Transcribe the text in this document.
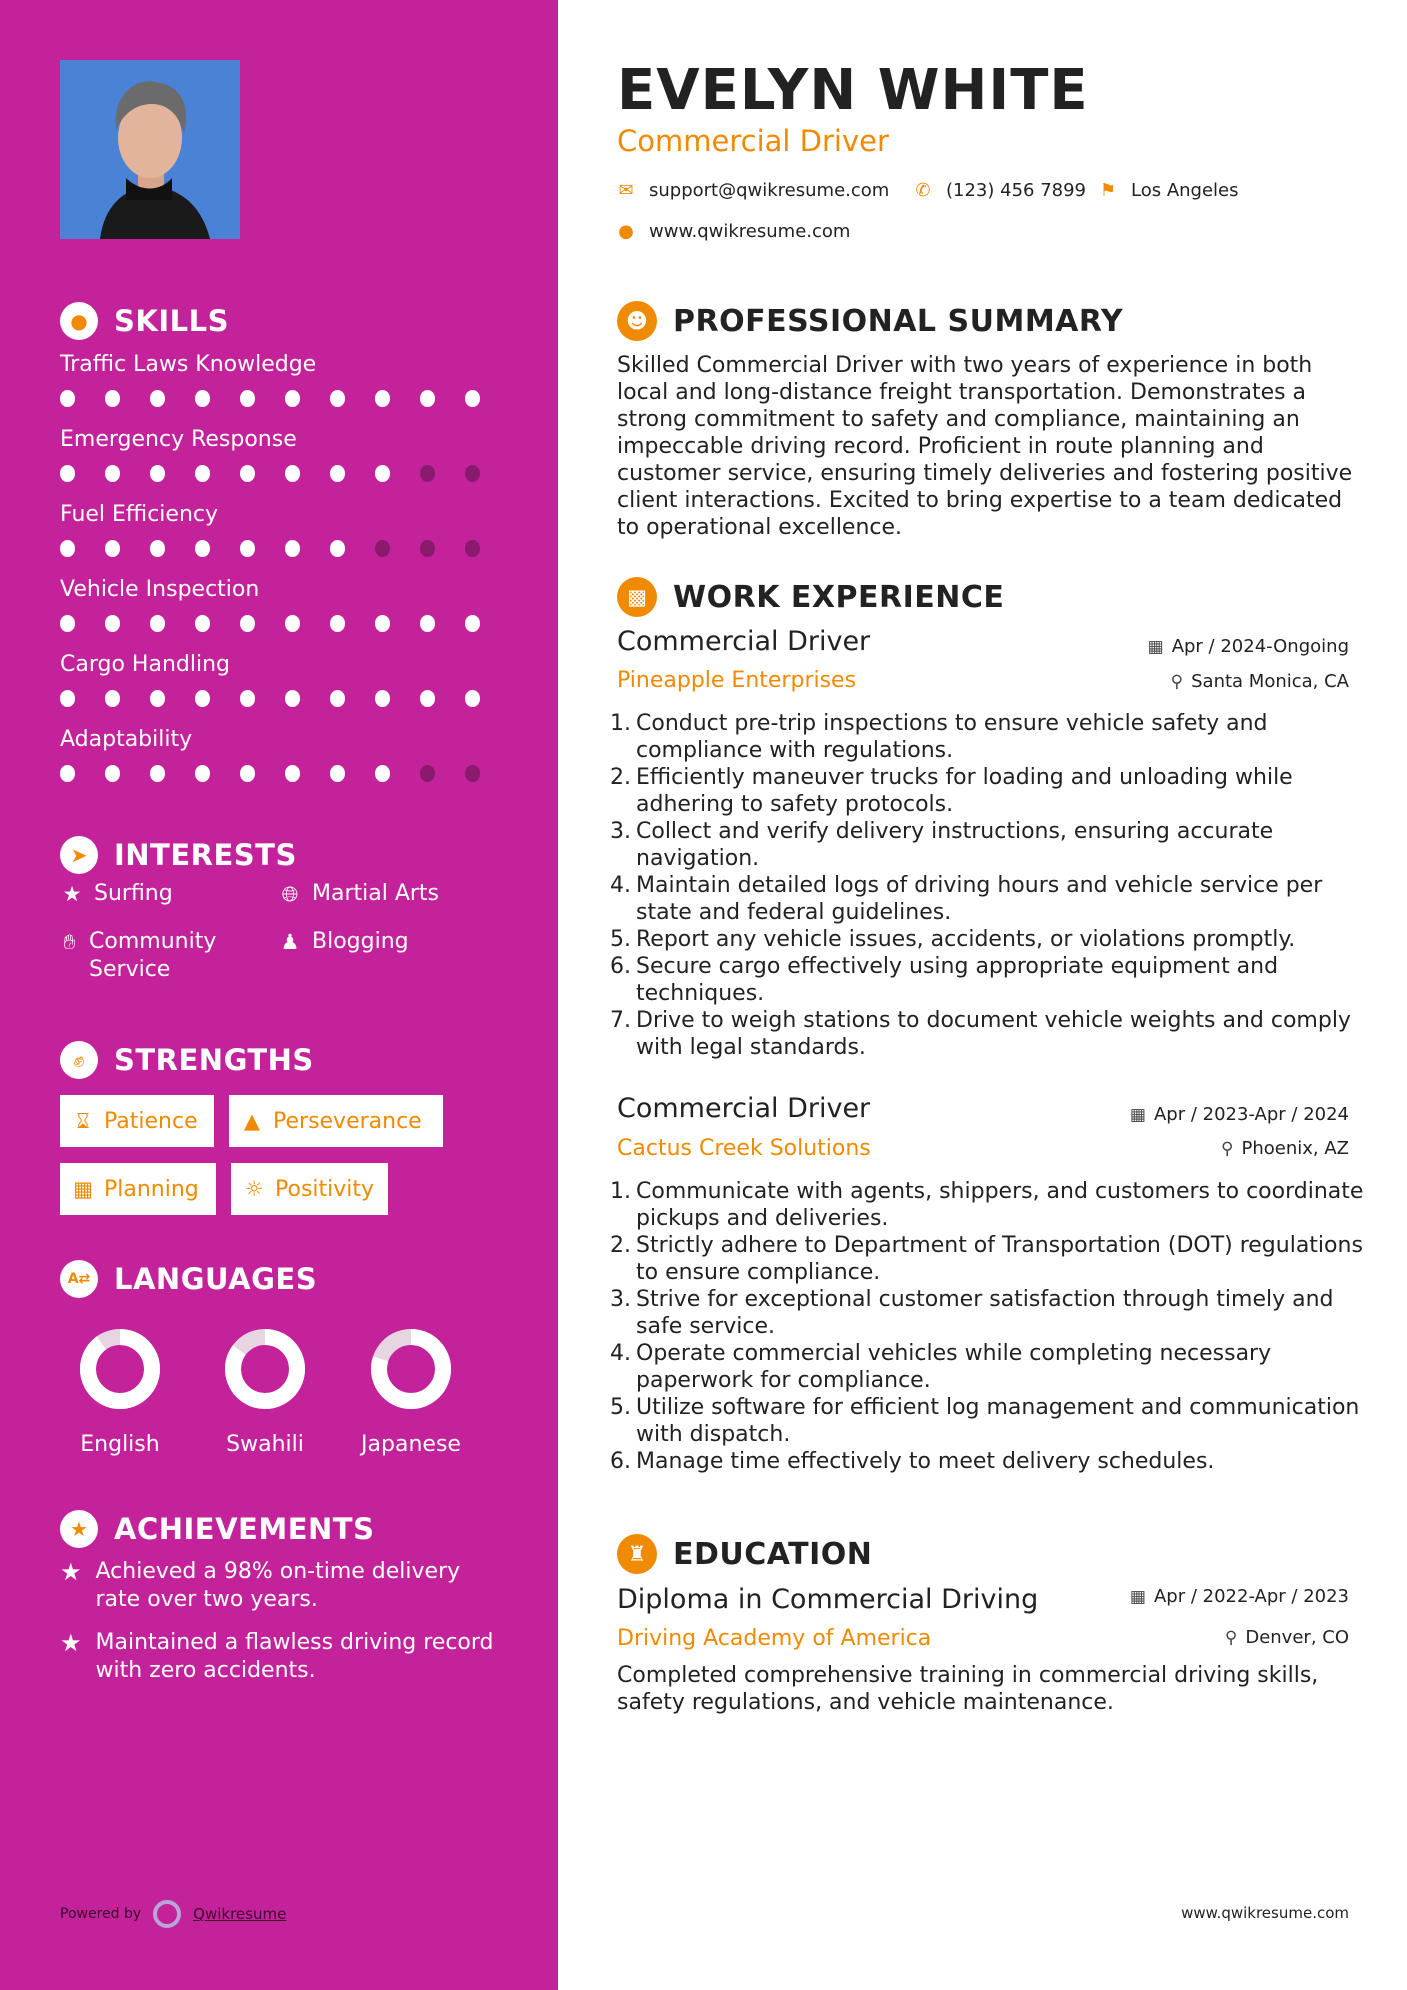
● SKILLS
Traffic Laws Knowledge
Emergency Response
Fuel Efficiency
Vehicle Inspection
Cargo Handling
Adaptability
➤ INTERESTS
★ Surfing	🌐︎ Martial Arts
✋︎ Community Service
♟ Blogging
✊︎ STRENGTHS
⌛︎ Patience ▲ Perseverance
▦ Planning ☼ Positivity
A⇄ LANGUAGES
English	Swahili	Japanese
★ ACHIEVEMENTS
★ Achieved a 98% on-time delivery rate over two years.
★ Maintained a flawless driving record with zero accidents.
Powered by	Qwikresume
EVELYN WHITE
Commercial Driver
✉ support@qwikresume.com ✆ (123) 456 7899 ⚑ Los Angeles
● www.qwikresume.com
☻ PROFESSIONAL SUMMARY
Skilled Commercial Driver with two years of experience in both local and long-distance freight transportation. Demonstrates a strong commitment to safety and compliance, maintaining an impeccable driving record. Proficient in route planning and customer service, ensuring timely deliveries and fostering positive client interactions. Excited to bring expertise to a team dedicated to operational excellence.
▩ WORK EXPERIENCE
Commercial Driver	▦ Apr / 2024-Ongoing
Pineapple Enterprises	⚲ Santa Monica, CA
1. Conduct pre-trip inspections to ensure vehicle safety and compliance with regulations.
2. Efficiently maneuver trucks for loading and unloading while adhering to safety protocols.
3. Collect and verify delivery instructions, ensuring accurate navigation.
4. Maintain detailed logs of driving hours and vehicle service per state and federal guidelines.
5. Report any vehicle issues, accidents, or violations promptly.
6. Secure cargo effectively using appropriate equipment and techniques.
7. Drive to weigh stations to document vehicle weights and comply with legal standards.
Commercial Driver	▦ Apr / 2023-Apr / 2024
Cactus Creek Solutions	⚲ Phoenix, AZ
1. Communicate with agents, shippers, and customers to coordinate pickups and deliveries.
2. Strictly adhere to Department of Transportation (DOT) regulations to ensure compliance.
3. Strive for exceptional customer satisfaction through timely and safe service.
4. Operate commercial vehicles while completing necessary paperwork for compliance.
5. Utilize software for efficient log management and communication with dispatch.
6. Manage time effectively to meet delivery schedules.
♜ EDUCATION
Diploma in Commercial Driving	▦ Apr / 2022-Apr / 2023
Driving Academy of America	⚲ Denver, CO
Completed comprehensive training in commercial driving skills, safety regulations, and vehicle maintenance.
www.qwikresume.com
